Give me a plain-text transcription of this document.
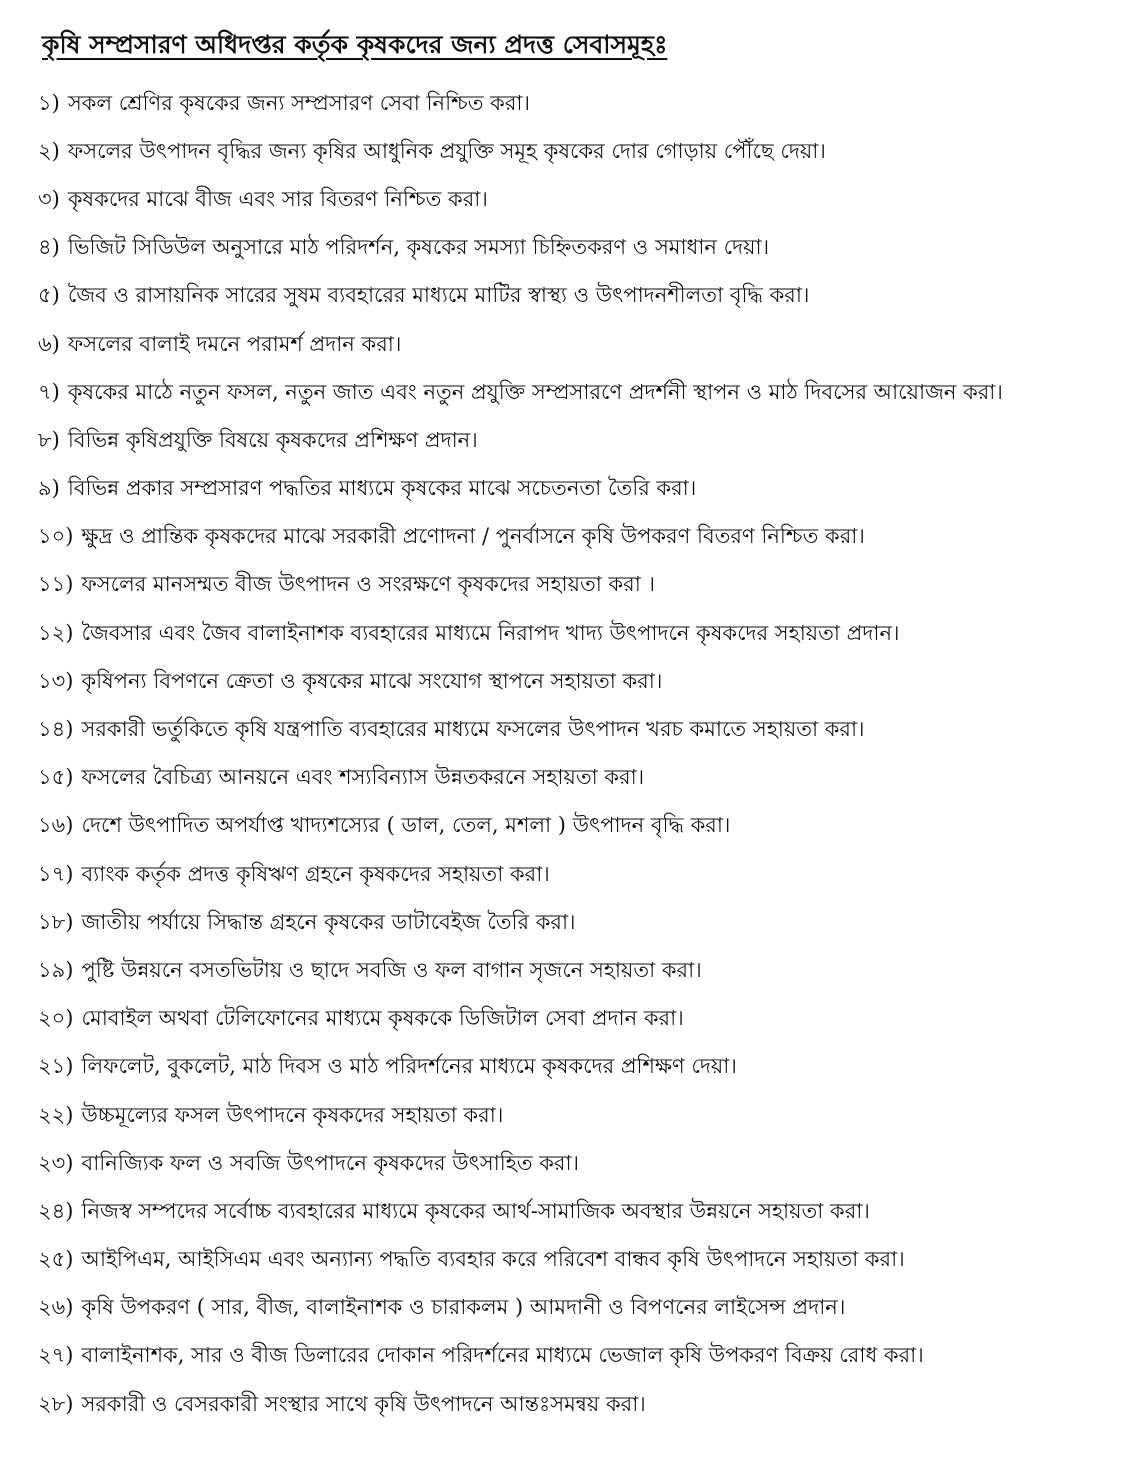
কৃষি সম্প্রসারণ অধিদপ্তর কর্তৃক কৃষকদের জন্য প্রদত্ত সেবাসমূহঃ
১) সকল শ্রেণির কৃষকের জন্য সম্প্রসারণ সেবা নিশ্চিত করা।
২) ফসলের উৎপাদন বৃদ্ধির জন্য কৃষির আধুনিক প্রযুক্তি সমূহ কৃষকের দোর গোড়ায় পৌঁছে দেয়া।
৩) কৃষকদের মাঝে বীজ এবং সার বিতরণ নিশ্চিত করা।
৪) ভিজিট সিডিউল অনুসারে মাঠ পরিদর্শন, কৃষকের সমস্যা চিহ্নিতকরণ ও সমাধান দেয়া।
৫) জৈব ও রাসায়নিক সারের সুষম ব্যবহারের মাধ্যমে মাটির স্বাস্থ্য ও উৎপাদনশীলতা বৃদ্ধি করা।
৬) ফসলের বালাই দমনে পরামর্শ প্রদান করা।
৭) কৃষকের মাঠে নতুন ফসল, নতুন জাত এবং নতুন প্রযুক্তি সম্প্রসারণে প্রদর্শনী স্থাপন ও মাঠ দিবসের আয়োজন করা।
৮) বিভিন্ন কৃষিপ্রযুক্তি বিষয়ে কৃষকদের প্রশিক্ষণ প্রদান।
৯) বিভিন্ন প্রকার সম্প্রসারণ পদ্ধতির মাধ্যমে কৃষকের মাঝে সচেতনতা তৈরি করা।
১০) ক্ষুদ্র ও প্রান্তিক কৃষকদের মাঝে সরকারী প্রণোদনা / পুনর্বাসনে কৃষি উপকরণ বিতরণ নিশ্চিত করা।
১১) ফসলের মানসম্মত বীজ উৎপাদন ও সংরক্ষণে কৃষকদের সহায়তা করা ।
১২) জৈবসার এবং জৈব বালাইনাশক ব্যবহারের মাধ্যমে নিরাপদ খাদ্য উৎপাদনে কৃষকদের সহায়তা প্রদান।
১৩) কৃষিপন্য বিপণনে ক্রেতা ও কৃষকের মাঝে সংযোগ স্থাপনে সহায়তা করা।
১৪) সরকারী ভর্তুকিতে কৃষি যন্ত্রপাতি ব্যবহারের মাধ্যমে ফসলের উৎপাদন খরচ কমাতে সহায়তা করা।
১৫) ফসলের বৈচিত্র্য আনয়নে এবং শস্যবিন্যাস উন্নতকরনে সহায়তা করা।
১৬) দেশে উৎপাদিত অপর্যাপ্ত খাদ্যশস্যের ( ডাল, তেল, মশলা ) উৎপাদন বৃদ্ধি করা।
১৭) ব্যাংক কর্তৃক প্রদত্ত কৃষিঋণ গ্রহনে কৃষকদের সহায়তা করা।
১৮) জাতীয় পর্যায়ে সিদ্ধান্ত গ্রহনে কৃষকের ডাটাবেইজ তৈরি করা।
১৯) পুষ্টি উন্নয়নে বসতভিটায় ও ছাদে সবজি ও ফল বাগান সৃজনে সহায়তা করা।
২০) মোবাইল অথবা টেলিফোনের মাধ্যমে কৃষককে ডিজিটাল সেবা প্রদান করা।
২১) লিফলেট, বুকলেট, মাঠ দিবস ও মাঠ পরিদর্শনের মাধ্যমে কৃষকদের প্রশিক্ষণ দেয়া।
২২) উচ্চমূল্যের ফসল উৎপাদনে কৃষকদের সহায়তা করা।
২৩) বানিজ্যিক ফল ও সবজি উৎপাদনে কৃষকদের উৎসাহিত করা।
২৪) নিজস্ব সম্পদের সর্বোচ্চ ব্যবহারের মাধ্যমে কৃষকের আর্থ-সামাজিক অবস্থার উন্নয়নে সহায়তা করা।
২৫) আইপিএম, আইসিএম এবং অন্যান্য পদ্ধতি ব্যবহার করে পরিবেশ বান্ধব কৃষি উৎপাদনে সহায়তা করা।
২৬) কৃষি উপকরণ ( সার, বীজ, বালাইনাশক ও চারাকলম ) আমদানী ও বিপণনের লাইসেন্স প্রদান।
২৭) বালাইনাশক, সার ও বীজ ডিলারের দোকান পরিদর্শনের মাধ্যমে ভেজাল কৃষি উপকরণ বিক্রয় রোধ করা।
২৮) সরকারী ও বেসরকারী সংস্থার সাথে কৃষি উৎপাদনে আন্তঃসমন্বয় করা।
